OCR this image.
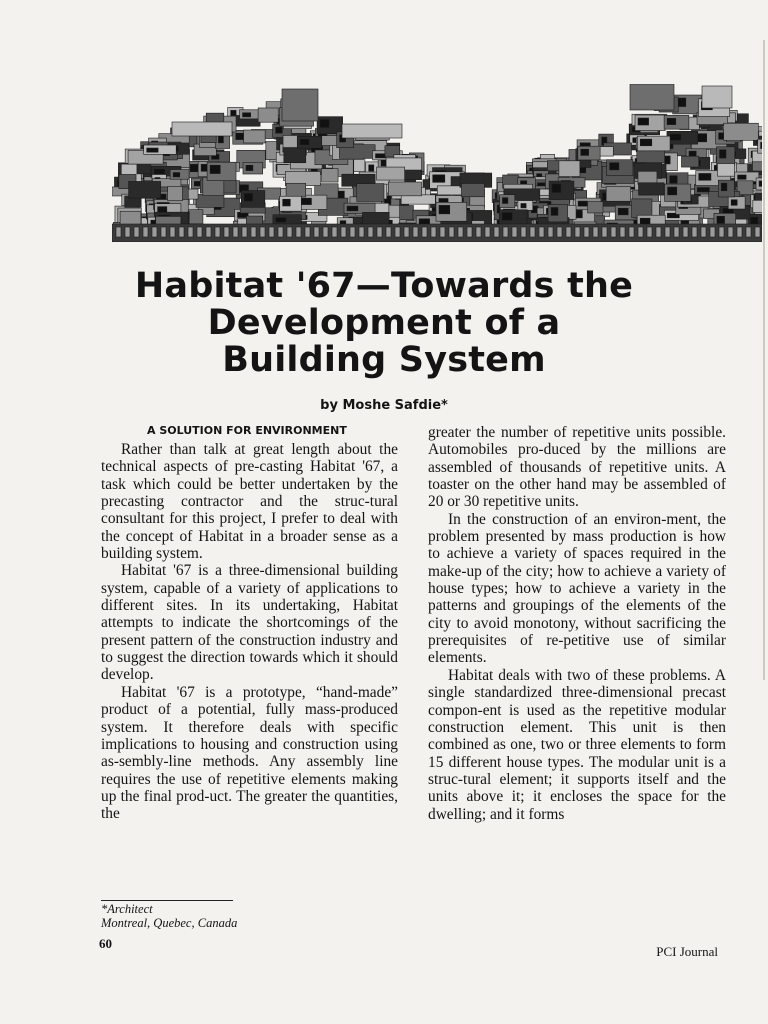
Habitat '67—Towards the
Development of a
Building System
by Moshe Safdie*
A SOLUTION FOR ENVIRONMENT

Rather than talk at great length about the technical aspects of pre-casting Habitat '67, a task which could be better undertaken by the precasting contractor and the struc-tural consultant for this project, I prefer to deal with the concept of Habitat in a broader sense as a building system.

Habitat '67 is a three-dimensional building system, capable of a variety of applications to different sites. In its undertaking, Habitat attempts to indicate the shortcomings of the present pattern of the construction industry and to suggest the direction towards which it should develop.

Habitat '67 is a prototype, “hand-made” product of a potential, fully mass-produced system. It therefore deals with specific implications to housing and construction using as-sembly-line methods. Any assembly line requires the use of repetitive elements making up the final prod-uct. The greater the quantities, the

greater the number of repetitive units possible. Automobiles pro-duced by the millions are assembled of thousands of repetitive units. A toaster on the other hand may be assembled of 20 or 30 repetitive units.

In the construction of an environ-ment, the problem presented by mass production is how to achieve a variety of spaces required in the make-up of the city; how to achieve a variety of house types; how to achieve a variety in the patterns and groupings of the elements of the city to avoid monotony, without sacrificing the prerequisites of re-petitive use of similar elements.

Habitat deals with two of these problems. A single standardized three-dimensional precast compon-ent is used as the repetitive modular construction element. This unit is then combined as one, two or three elements to form 15 different house types. The modular unit is a struc-tural element; it supports itself and the units above it; it encloses the space for the dwelling; and it forms

*Architect
Montreal, Quebec, Canada
60
PCI Journal
